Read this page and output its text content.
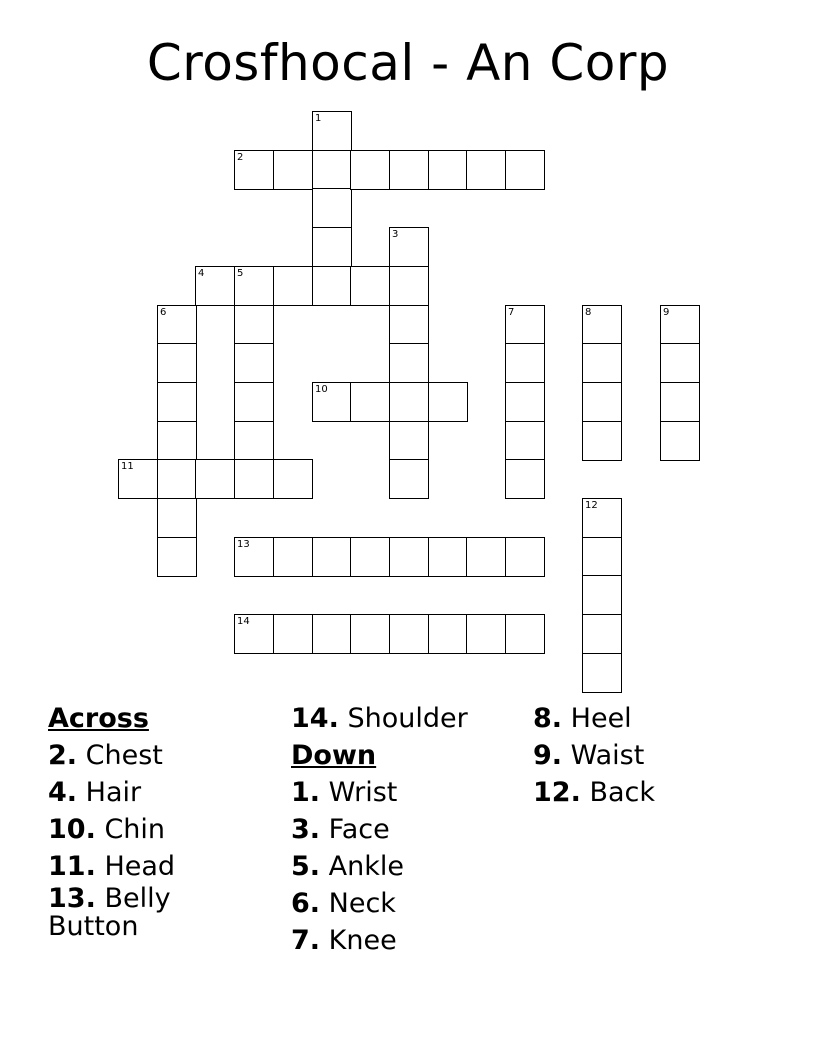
Crosfhocal - An Corp
1
2
3
4	5
6	7	8	9
10
11
12
13
14
Across
2. Chest
4. Hair
10. Chin
11. Head
13. Belly Button
14. Shoulder
Down
1. Wrist
3. Face
5. Ankle
6. Neck
7. Knee
8. Heel
9. Waist
12. Back
